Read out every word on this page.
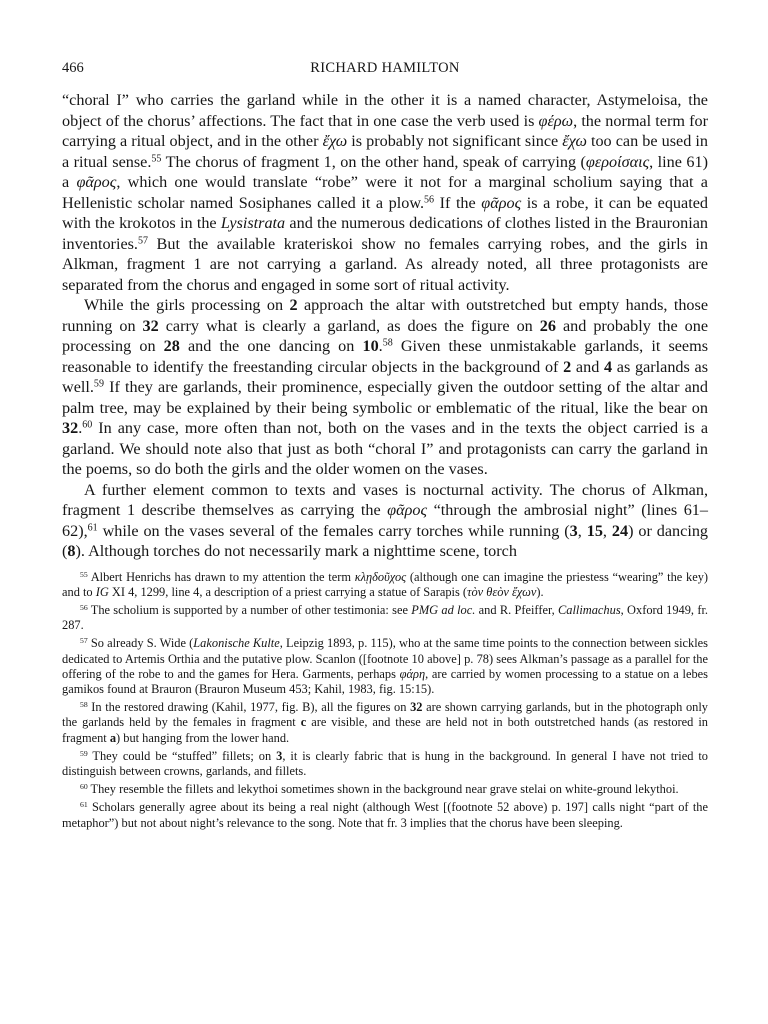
466	RICHARD HAMILTON

“choral I” who carries the garland while in the other it is a named character, Astymeloisa, the object of the chorus’ affections. The fact that in one case the verb used is φέρω, the normal term for carrying a ritual object, and in the other ἔχω is probably not significant since ἔχω too can be used in a ritual sense.$^{55}$ The chorus of fragment 1, on the other hand, speak of carrying (φεροίσαις, line 61) a φᾶρος, which one would translate “robe” were it not for a marginal scholium saying that a Hellenistic scholar named Sosiphanes called it a plow.$^{56}$ If the φᾶρος is a robe, it can be equated with the krokotos in the Lysistrata and the numerous dedications of clothes listed in the Brauronian inventories.$^{57}$ But the available krateriskoi show no females carrying robes, and the girls in Alkman, fragment 1 are not carrying a garland. As already noted, all three protagonists are separated from the chorus and engaged in some sort of ritual activity.

While the girls processing on 2 approach the altar with outstretched but empty hands, those running on 32 carry what is clearly a garland, as does the figure on 26 and probably the one processing on 28 and the one dancing on 10.58 Given these unmistakable garlands, it seems reasonable to identify the freestanding circular objects in the background of 2 and 4 as garlands as well.$^{59}$ If they are garlands, their prominence, especially given the outdoor setting of the altar and palm tree, may be explained by their being symbolic or emblematic of the ritual, like the bear on 32.60 In any case, more often than not, both on the vases and in the texts the object carried is a garland. We should note also that just as both “choral I” and protagonists can carry the garland in the poems, so do both the girls and the older women on the vases.

A further element common to texts and vases is nocturnal activity. The chorus of Alkman, fragment 1 describe themselves as carrying the φᾶρος “through the ambrosial night” (lines 61–62),$^{61}$ while on the vases several of the females carry torches while running (3, 15, 24) or dancing (8). Although torches do not necessarily mark a nighttime scene, torch

$^{55}$ Albert Henrichs has drawn to my attention the term κλῃδοῦχος (although one can imagine the priestess “wearing” the key) and to IG XI 4, 1299, line 4, a description of a priest carrying a statue of Sarapis (τὸν θεὸν ἔχων).

$^{56}$ The scholium is supported by a number of other testimonia: see PMG ad loc. and R. Pfeiffer, Callimachus, Oxford 1949, fr. 287.

$^{57}$ So already S. Wide (Lakonische Kulte, Leipzig 1893, p. 115), who at the same time points to the connection between sickles dedicated to Artemis Orthia and the putative plow. Scanlon ([footnote 10 above] p. 78) sees Alkman’s passage as a parallel for the offering of the robe to and the games for Hera. Garments, perhaps φάρη, are carried by women processing to a statue on a lebes gamikos found at Brauron (Brauron Museum 453; Kahil, 1983, fig. 15:15).

$^{58}$ In the restored drawing (Kahil, 1977, fig. B), all the figures on 32 are shown carrying garlands, but in the photograph only the garlands held by the females in fragment c are visible, and these are held not in both outstretched hands (as restored in fragment a) but hanging from the lower hand.

$^{59}$ They could be “stuffed” fillets; on 3, it is clearly fabric that is hung in the background. In general I have not tried to distinguish between crowns, garlands, and fillets.

$^{60}$ They resemble the fillets and lekythoi sometimes shown in the background near grave stelai on white-ground lekythoi.

$^{61}$ Scholars generally agree about its being a real night (although West [(footnote 52 above) p. 197] calls night “part of the metaphor”) but not about night’s relevance to the song. Note that fr. 3 implies that the chorus have been sleeping.
